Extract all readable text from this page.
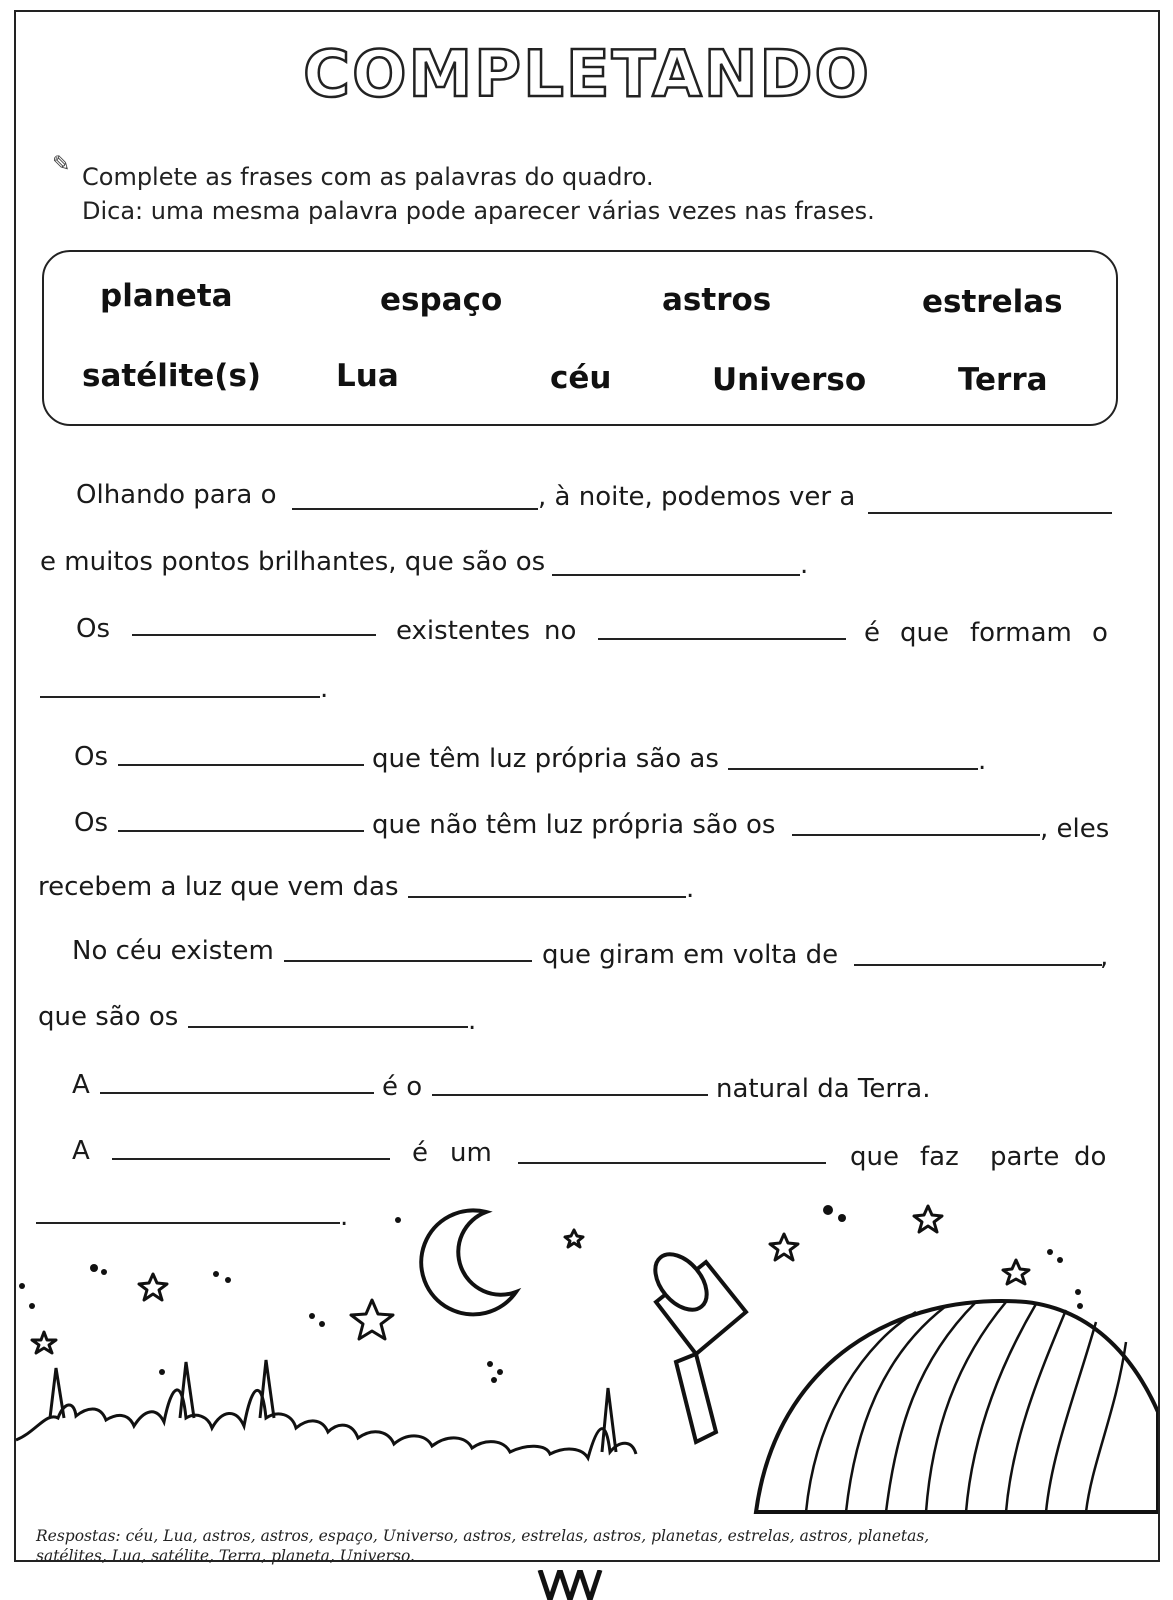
COMPLETANDO
✎ Complete as frases com as palavras do quadro.
Dica: uma mesma palavra pode aparecer várias vezes nas frases.
planeta	espaço	astros	estrelas
satélite(s) Lua	céu	Universo	Terra
Olhando para o	, à noite, podemos ver a
e muitos pontos brilhantes, que são os	.
Os	existentes no	é que formam o
.
Os	que têm luz própria são as	.
Os	que não têm luz própria são os	, eles
recebem a luz que vem das	.
No céu existem	que giram em volta de	,
que são os	.
A	é o	natural da Terra.
A	é um	que faz parte do
.
Respostas: céu, Lua, astros, astros, espaço, Universo, astros, estrelas, astros, planetas, estrelas, astros, planetas,
satélites, Lua, satélite, Terra, planeta, Universo.
